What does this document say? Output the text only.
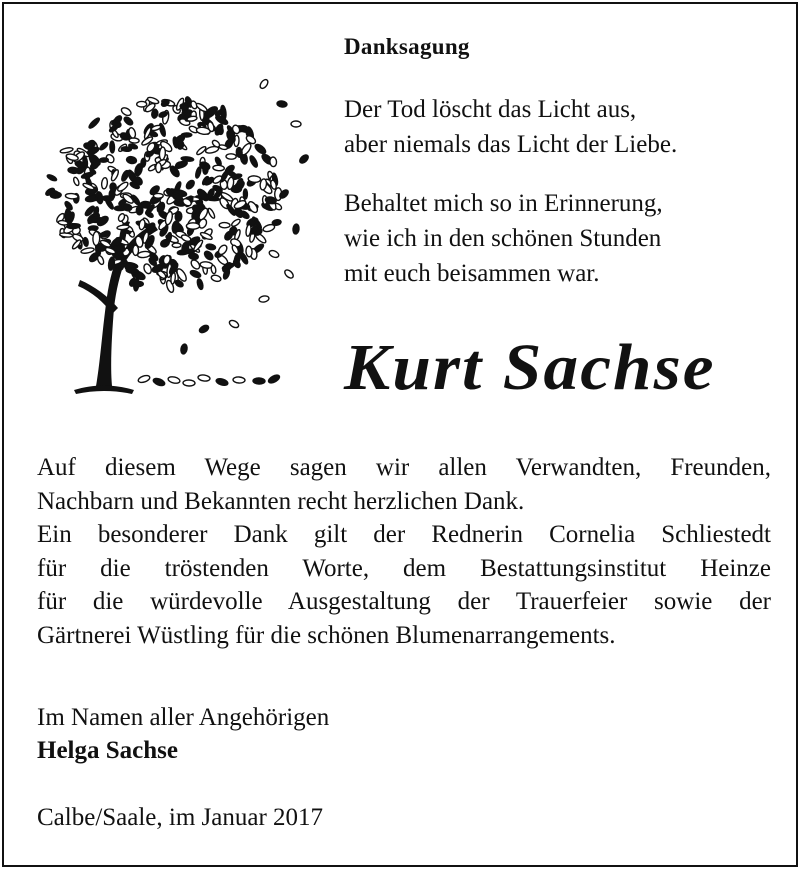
Danksagung
Der Tod löscht das Licht aus,
aber niemals das Licht der Liebe.
Behaltet mich so in Erinnerung,
wie ich in den schönen Stunden
mit euch beisammen war.
Kurt Sachse
Auf diesem Wege sagen wir allen Verwandten, Freunden,
Nachbarn und Bekannten recht herzlichen Dank.
Ein besonderer Dank gilt der Rednerin Cornelia Schliestedt
für die tröstenden Worte, dem Bestattungsinstitut Heinze
für die würdevolle Ausgestaltung der Trauerfeier sowie der
Gärtnerei Wüstling für die schönen Blumenarrangements.
Im Namen aller Angehörigen
Helga Sachse
Calbe/Saale, im Januar 2017
